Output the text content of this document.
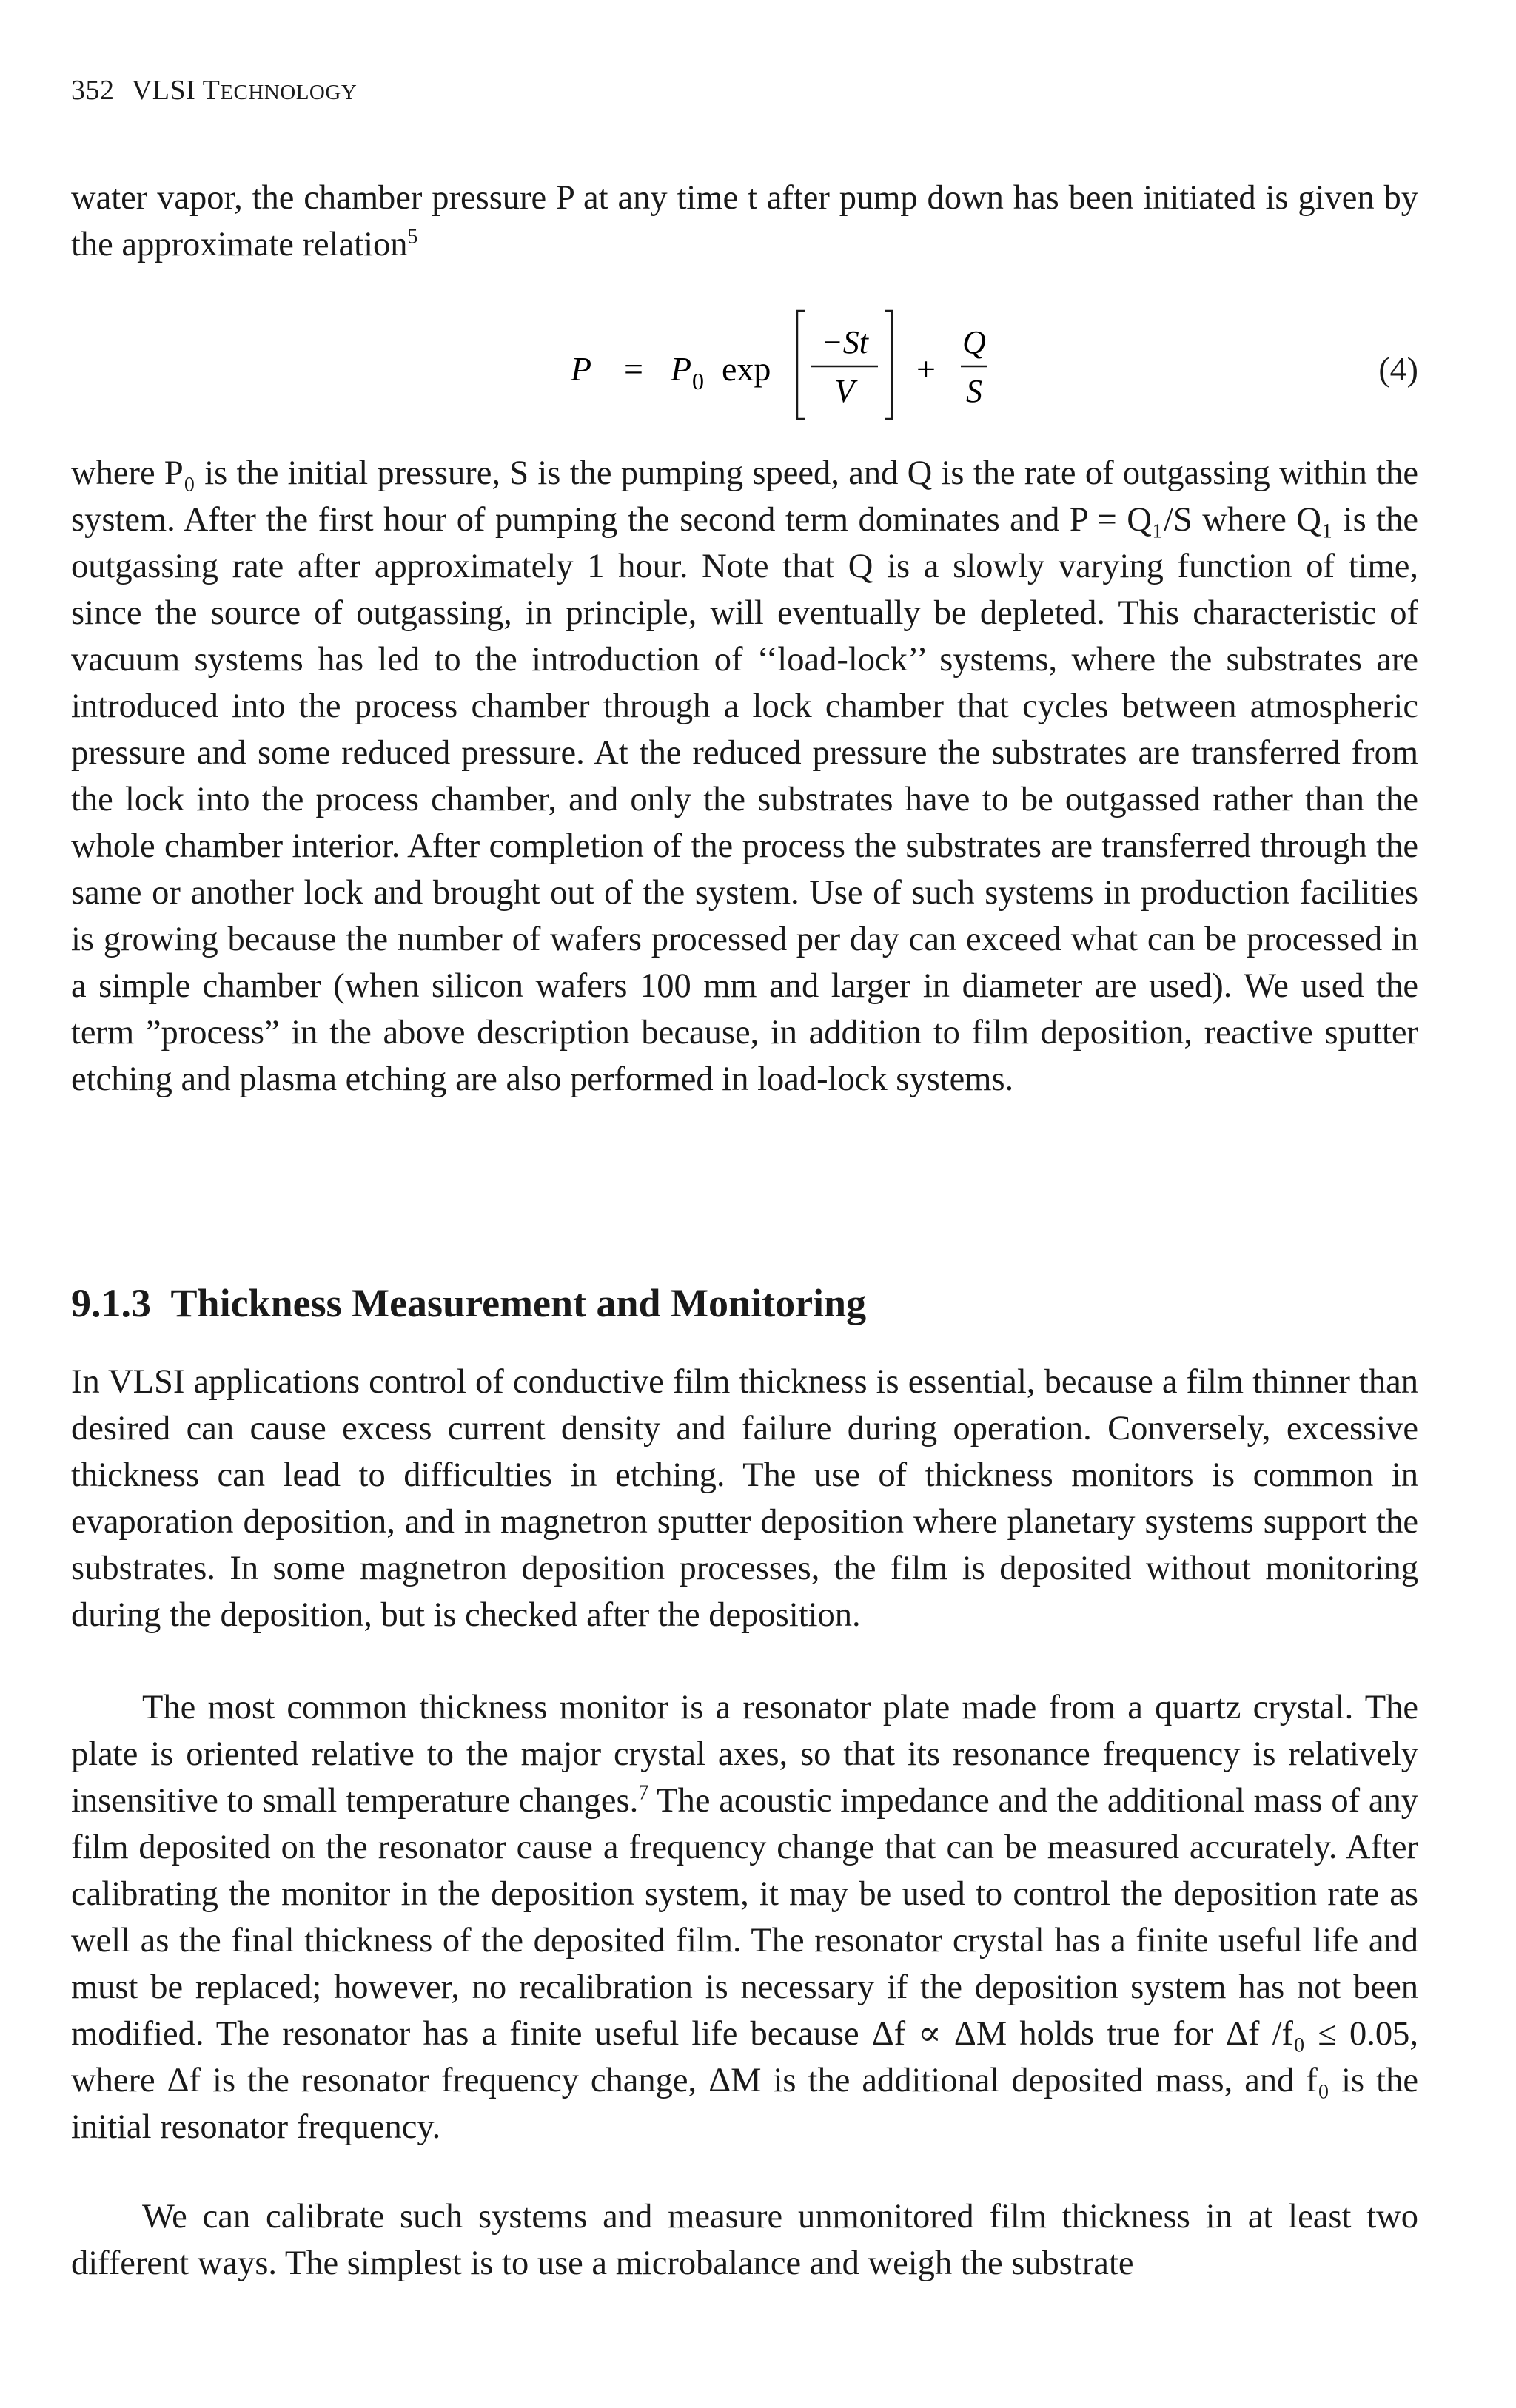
352 VLSI TECHNOLOGY

water vapor, the chamber pressure P at any time t after pump down has been initiated is given by the approximate relation$^5$

P = P 0 exp
−St
V
+
Q
S
(4)

where P₀ is the initial pressure, S is the pumping speed, and Q is the rate of outgassing within the system. After the first hour of pumping the second term dominates and P = Q₁/S where Q₁ is the outgassing rate after approximately 1 hour. Note that Q is a slowly varying function of time, since the source of outgassing, in principle, will eventually be depleted. This characteristic of vacuum systems has led to the introduction of ‘‘load-lock’’ systems, where the substrates are introduced into the process chamber through a lock chamber that cycles between atmospheric pressure and some reduced pressure. At the reduced pressure the substrates are transferred from the lock into the process chamber, and only the substrates have to be outgassed rather than the whole chamber interior. After completion of the process the substrates are transferred through the same or another lock and brought out of the system. Use of such systems in production facilities is growing because the number of wafers processed per day can exceed what can be processed in a simple chamber (when silicon wafers 100 mm and larger in diameter are used). We used the term ”process” in the above description because, in addition to film deposition, reactive sputter etching and plasma etching are also performed in load-lock systems.

9.1.3 Thickness Measurement and Monitoring

In VLSI applications control of conductive film thickness is essential, because a film thinner than desired can cause excess current density and failure during operation. Conversely, excessive thickness can lead to difficulties in etching. The use of thickness monitors is common in evaporation deposition, and in magnetron sputter deposition where planetary systems support the substrates. In some magnetron deposition processes, the film is deposited without monitoring during the deposition, but is checked after the deposition.

The most common thickness monitor is a resonator plate made from a quartz crystal. The plate is oriented relative to the major crystal axes, so that its resonance frequency is relatively insensitive to small temperature changes.$^7$ The acoustic impedance and the additional mass of any film deposited on the resonator cause a frequency change that can be measured accurately. After calibrating the monitor in the deposition system, it may be used to control the deposition rate as well as the final thickness of the deposited film. The resonator crystal has a finite useful life and must be replaced; however, no recalibration is necessary if the deposition system has not been modified. The resonator has a finite useful life because Δf ∝ ΔM holds true for Δf /f₀ ≤ 0.05, where Δf is the resonator frequency change, ΔM is the additional deposited mass, and f₀ is the initial resonator frequency.

We can calibrate such systems and measure unmonitored film thickness in at least two different ways. The simplest is to use a microbalance and weigh the substrate
